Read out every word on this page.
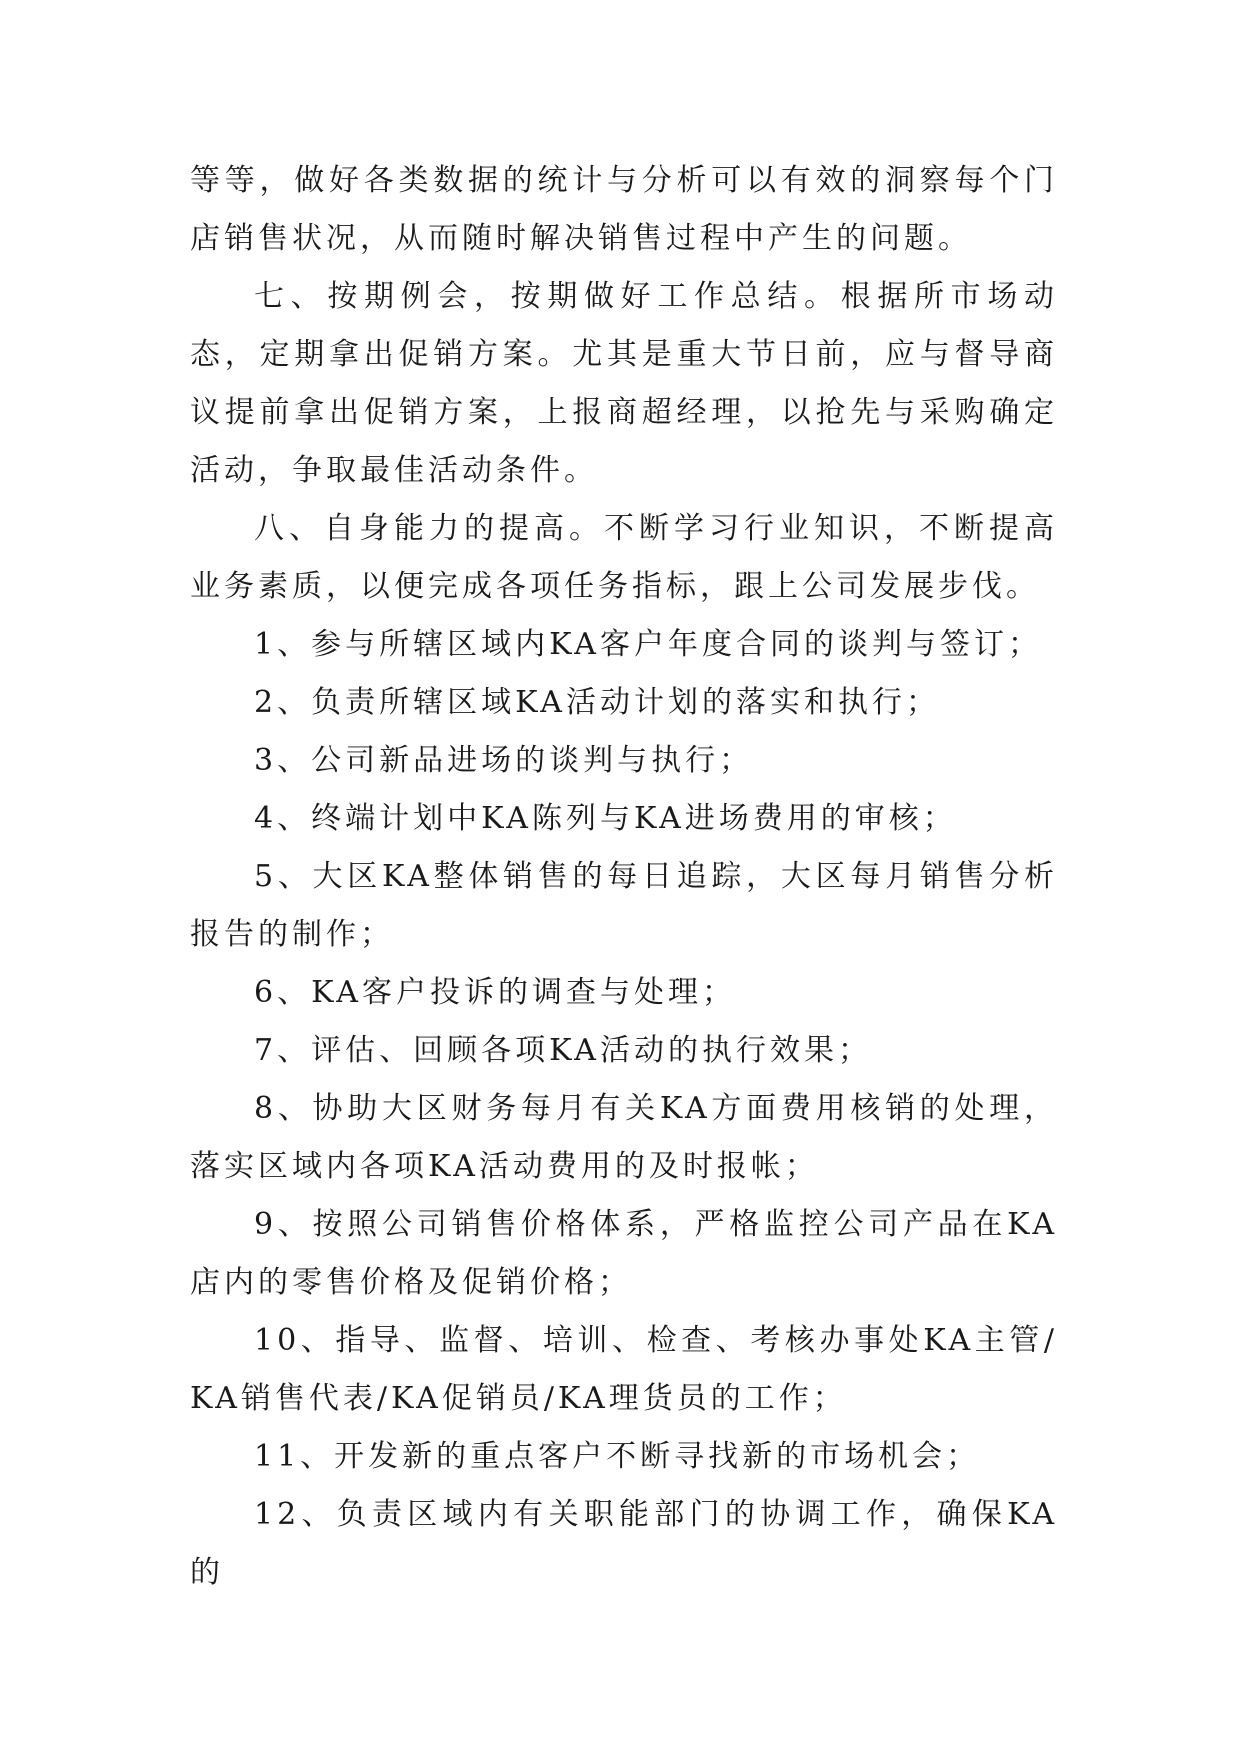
等等，做好各类数据的统计与分析可以有效的洞察每个门店销售状况，从而随时解决销售过程中产生的问题。

七、按期例会，按期做好工作总结。根据所市场动态，定期拿出促销方案。尤其是重大节日前，应与督导商议提前拿出促销方案，上报商超经理，以抢先与采购确定活动，争取最佳活动条件。

八、自身能力的提高。不断学习行业知识，不断提高业务素质，以便完成各项任务指标，跟上公司发展步伐。

1、参与所辖区域内KA客户年度合同的谈判与签订；

2、负责所辖区域KA活动计划的落实和执行；

3、公司新品进场的谈判与执行；

4、终端计划中KA陈列与KA进场费用的审核；

5、大区KA整体销售的每日追踪，大区每月销售分析报告的制作；

6、KA客户投诉的调查与处理；

7、评估、回顾各项KA活动的执行效果；

8、协助大区财务每月有关KA方面费用核销的处理，落实区域内各项KA活动费用的及时报帐；

9、按照公司销售价格体系，严格监控公司产品在KA店内的零售价格及促销价格；

10、指导、监督、培训、检查、考核办事处KA主管/KA销售代表/KA促销员/KA理货员的工作；

11、开发新的重点客户不断寻找新的市场机会；

12、负责区域内有关职能部门的协调工作，确保KA的
